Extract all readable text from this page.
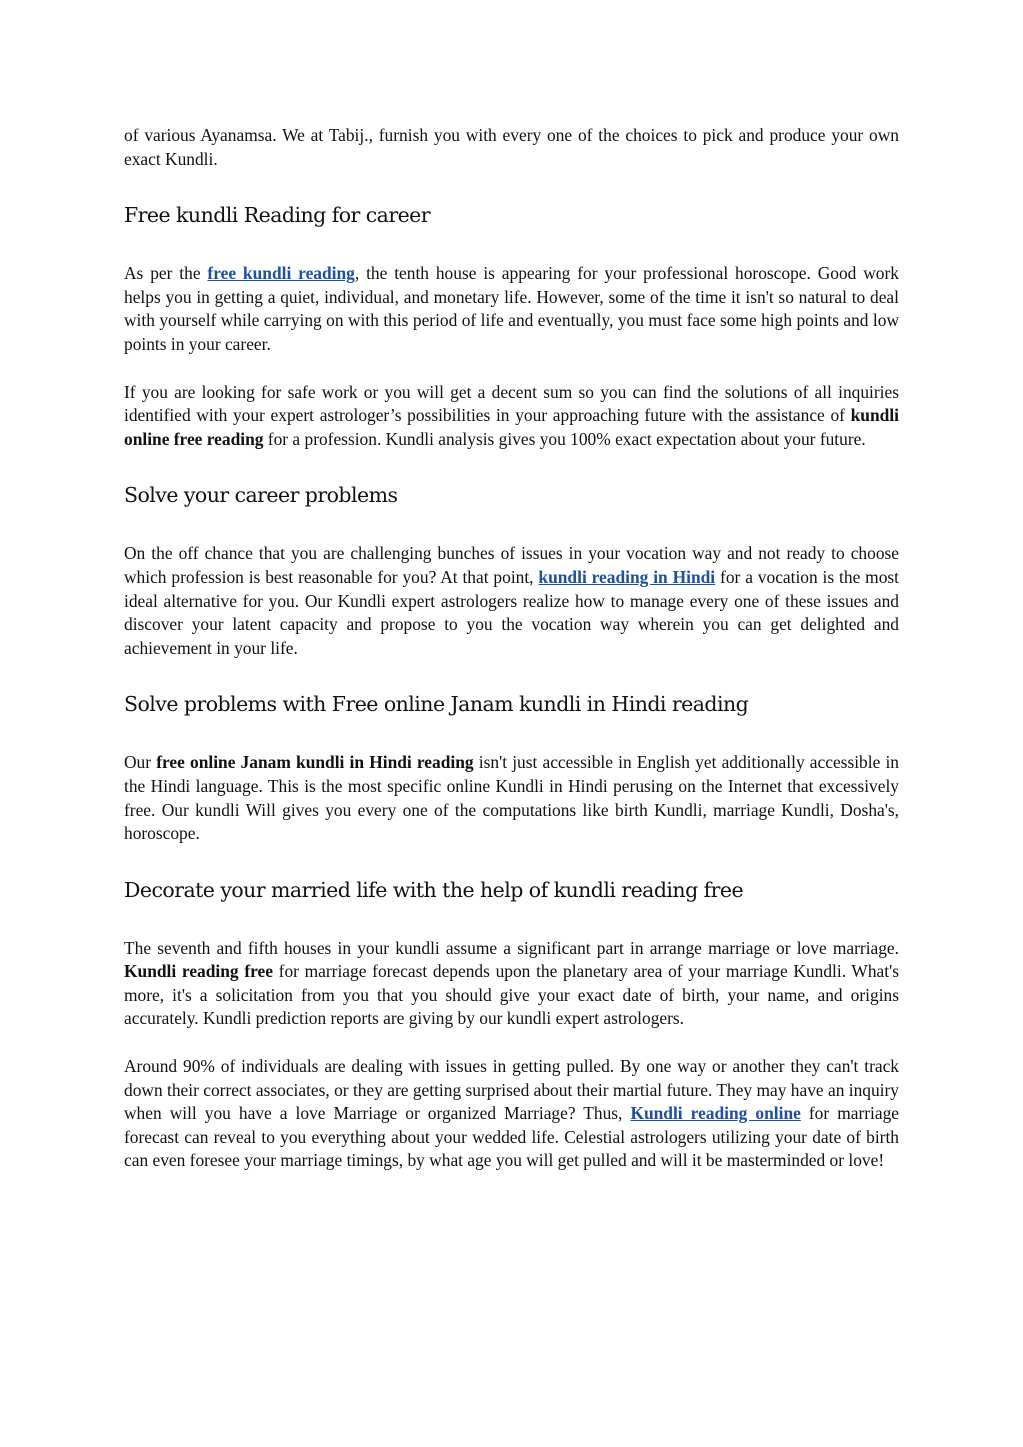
of various Ayanamsa. We at Tabij., furnish you with every one of the choices to pick and produce your own exact Kundli.

Free kundli Reading for career

As per the free kundli reading, the tenth house is appearing for your professional horoscope. Good work helps you in getting a quiet, individual, and monetary life. However, some of the time it isn't so natural to deal with yourself while carrying on with this period of life and eventually, you must face some high points and low points in your career.

If you are looking for safe work or you will get a decent sum so you can find the solutions of all inquiries identified with your expert astrologer’s possibilities in your approaching future with the assistance of kundli online free reading for a profession. Kundli analysis gives you 100% exact expectation about your future.

Solve your career problems

On the off chance that you are challenging bunches of issues in your vocation way and not ready to choose which profession is best reasonable for you? At that point, kundli reading in Hindi for a vocation is the most ideal alternative for you. Our Kundli expert astrologers realize how to manage every one of these issues and discover your latent capacity and propose to you the vocation way wherein you can get delighted and achievement in your life.

Solve problems with Free online Janam kundli in Hindi reading

Our free online Janam kundli in Hindi reading isn't just accessible in English yet additionally accessible in the Hindi language. This is the most specific online Kundli in Hindi perusing on the Internet that excessively free. Our kundli Will gives you every one of the computations like birth Kundli, marriage Kundli, Dosha's, horoscope.

Decorate your married life with the help of kundli reading free

The seventh and fifth houses in your kundli assume a significant part in arrange marriage or love marriage. Kundli reading free for marriage forecast depends upon the planetary area of your marriage Kundli. What's more, it's a solicitation from you that you should give your exact date of birth, your name, and origins accurately. Kundli prediction reports are giving by our kundli expert astrologers.

Around 90% of individuals are dealing with issues in getting pulled. By one way or another they can't track down their correct associates, or they are getting surprised about their martial future. They may have an inquiry when will you have a love Marriage or organized Marriage? Thus, Kundli reading online for marriage forecast can reveal to you everything about your wedded life. Celestial astrologers utilizing your date of birth can even foresee your marriage timings, by what age you will get pulled and will it be masterminded or love!
